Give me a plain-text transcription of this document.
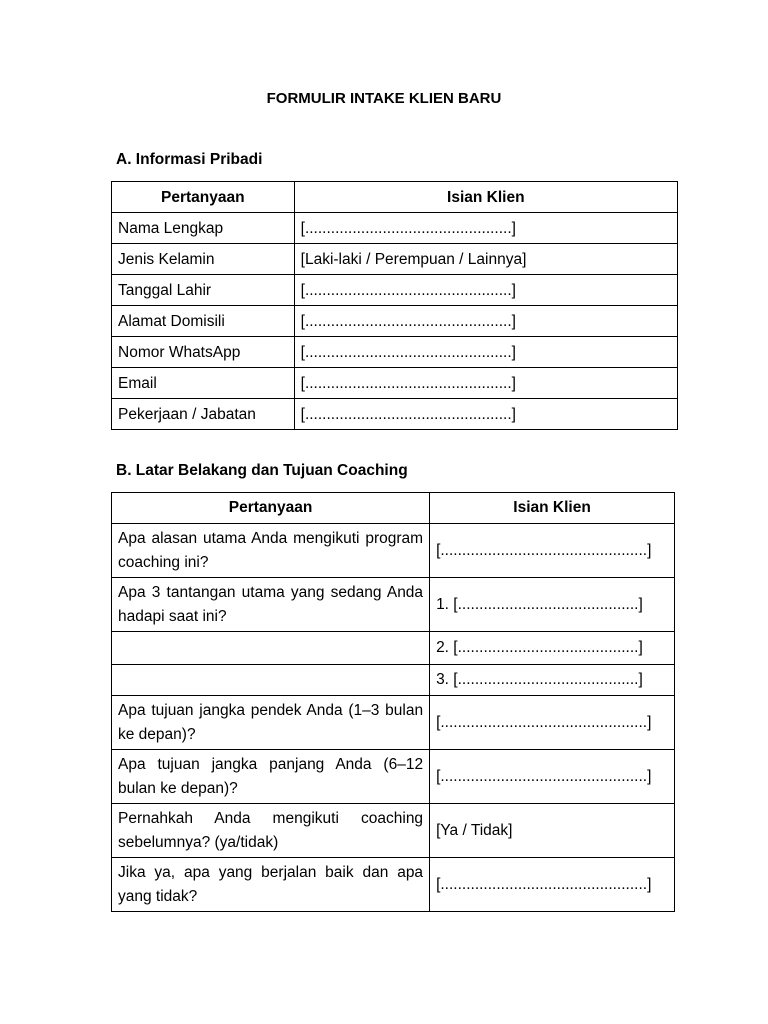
FORMULIR INTAKE KLIEN BARU
A. Informasi Pribadi
Pertanyaan	Isian Klien
Nama Lengkap	[................................................]
Jenis Kelamin	[Laki-laki / Perempuan / Lainnya]
Tanggal Lahir	[................................................]
Alamat Domisili	[................................................]
Nomor WhatsApp	[................................................]
Email	[................................................]
Pekerjaan / Jabatan	[................................................]
B. Latar Belakang dan Tujuan Coaching
Pertanyaan	Isian Klien
Apa alasan utama Anda mengikuti program coaching ini?	[................................................]
Apa 3 tantangan utama yang sedang Anda hadapi saat ini?	1. [..........................................]
	2. [..........................................]
	3. [..........................................]
Apa tujuan jangka pendek Anda (1–3 bulan ke depan)?	[................................................]
Apa tujuan jangka panjang Anda (6–12 bulan ke depan)?	[................................................]
Pernahkah Anda mengikuti coaching sebelumnya? (ya/tidak)	[Ya / Tidak]
Jika ya, apa yang berjalan baik dan apa yang tidak?	[................................................]
